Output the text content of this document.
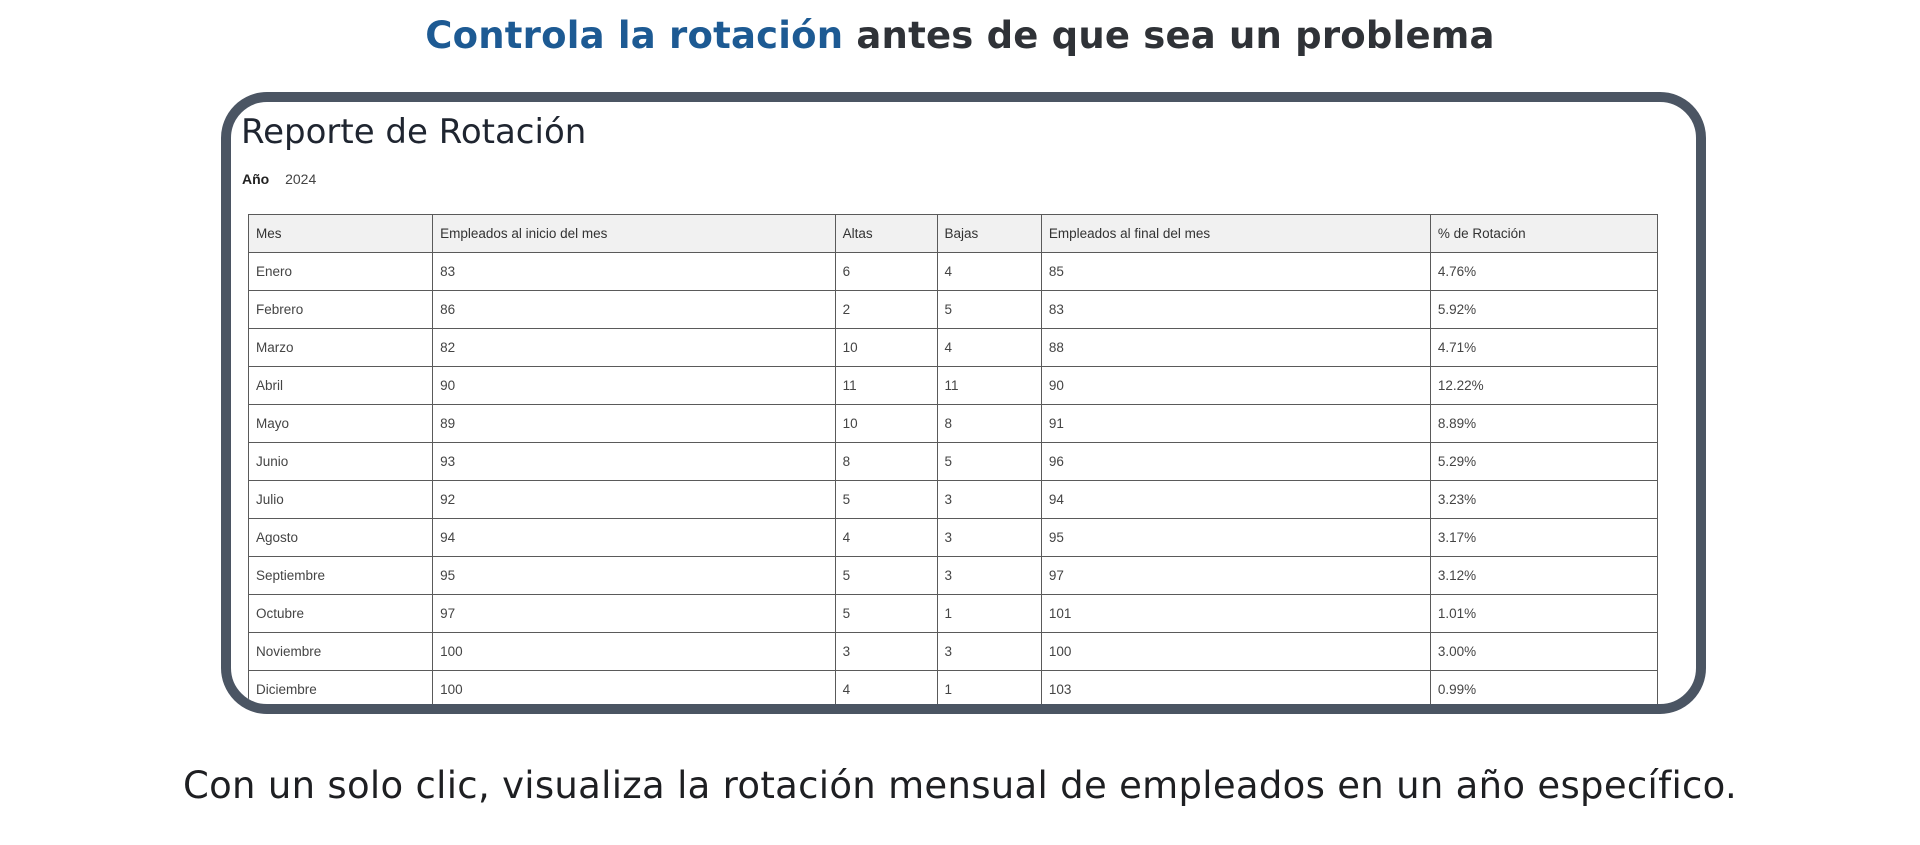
Controla la rotación antes de que sea un problema
Reporte de Rotación
Año 2024
Mes	Empleados al inicio del mes	Altas	Bajas	Empleados al final del mes	% de Rotación
Enero	83	6	4	85	4.76%
Febrero	86	2	5	83	5.92%
Marzo	82	10	4	88	4.71%
Abril	90	11	11	90	12.22%
Mayo	89	10	8	91	8.89%
Junio	93	8	5	96	5.29%
Julio	92	5	3	94	3.23%
Agosto	94	4	3	95	3.17%
Septiembre	95	5	3	97	3.12%
Octubre	97	5	1	101	1.01%
Noviembre	100	3	3	100	3.00%
Diciembre	100	4	1	103	0.99%

Con un solo clic, visualiza la rotación mensual de empleados en un año específico.
